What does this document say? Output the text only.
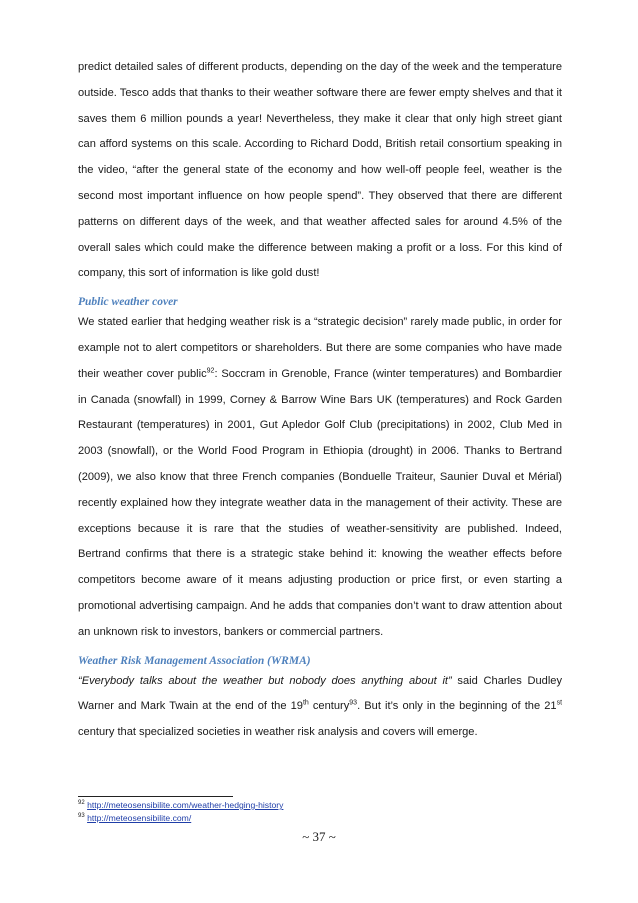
predict detailed sales of different products, depending on the day of the week and the temperature outside. Tesco adds that thanks to their weather software there are fewer empty shelves and that it saves them 6 million pounds a year! Nevertheless, they make it clear that only high street giant can afford systems on this scale. According to Richard Dodd, British retail consortium speaking in the video, “after the general state of the economy and how well-off people feel, weather is the second most important influence on how people spend”. They observed that there are different patterns on different days of the week, and that weather affected sales for around 4.5% of the overall sales which could make the difference between making a profit or a loss. For this kind of company, this sort of information is like gold dust!

Public weather cover

We stated earlier that hedging weather risk is a “strategic decision” rarely made public, in order for example not to alert competitors or shareholders. But there are some companies who have made their weather cover public$^{92}$: Soccram in Grenoble, France (winter temperatures) and Bombardier in Canada (snowfall) in 1999, Corney & Barrow Wine Bars UK (temperatures) and Rock Garden Restaurant (temperatures) in 2001, Gut Apledor Golf Club (precipitations) in 2002, Club Med in 2003 (snowfall), or the World Food Program in Ethiopia (drought) in 2006. Thanks to Bertrand (2009), we also know that three French companies (Bonduelle Traiteur, Saunier Duval et Mérial) recently explained how they integrate weather data in the management of their activity. These are exceptions because it is rare that the studies of weather-sensitivity are published. Indeed, Bertrand confirms that there is a strategic stake behind it: knowing the weather effects before competitors become aware of it means adjusting production or price first, or even starting a promotional advertising campaign. And he adds that companies don’t want to draw attention about an unknown risk to investors, bankers or commercial partners.

Weather Risk Management Association (WRMA)

“Everybody talks about the weather but nobody does anything about it” said Charles Dudley Warner and Mark Twain at the end of the 19th century$^{93}$. But it’s only in the beginning of the 21st century that specialized societies in weather risk analysis and covers will emerge.

$^{92}$ http://meteosensibilite.com/weather-hedging-history
$^{93}$ http://meteosensibilite.com/
~ 37 ~
